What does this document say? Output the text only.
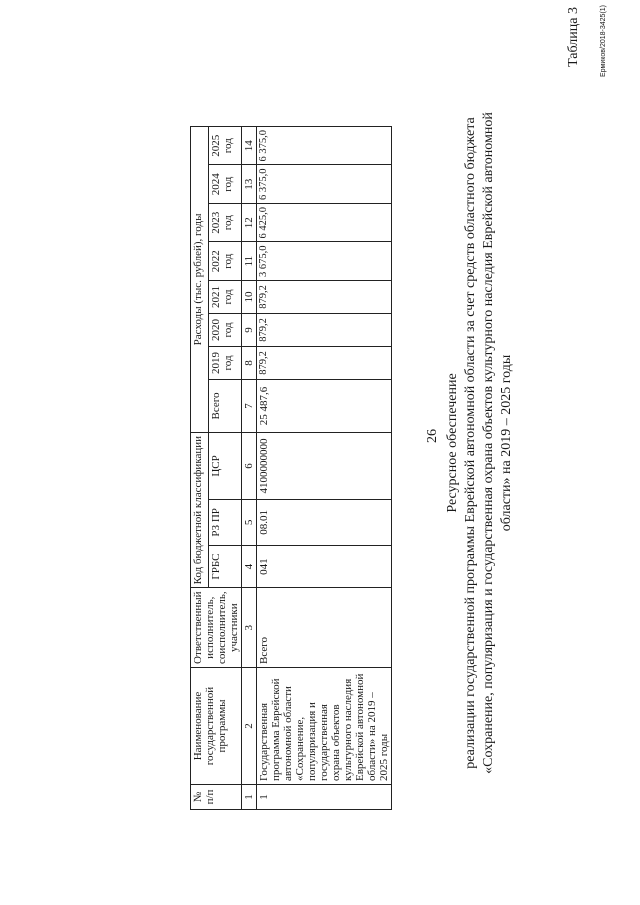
26
Таблица 3
Ресурсное обеспечение реализации государственной программы Еврейской автономной области за счет средств областного бюджета «Сохранение, популяризация и государственная охрана объектов культурного наследия Еврейской автономной области» на 2019 – 2025 годы
Ермиков/2018-3425(1)
№ п/п	Наименование государственной программы	Ответственный исполнитель, соисполнитель, участники	Код бюджетной классификации			Расходы (тыс. рублей), годы							
			ГРБС	РЗ ПР	ЦСР	Всего	2019 год	2020 год	2021 год	2022 год	2023 год	2024 год	2025 год
1	2	3	4	5	6	7	8	9	10	11	12	13	14
1	Государственная программа Еврейской автономной области «Сохранение, популяризация и государственная охрана объектов культурного наследия Еврейской автономной области» на 2019 – 2025 годы	Всего	041	08.01	4100000000	25 487,6	879,2	879,2	879,2	3 675,0	6 425,0	6 375,0	6 375,0
